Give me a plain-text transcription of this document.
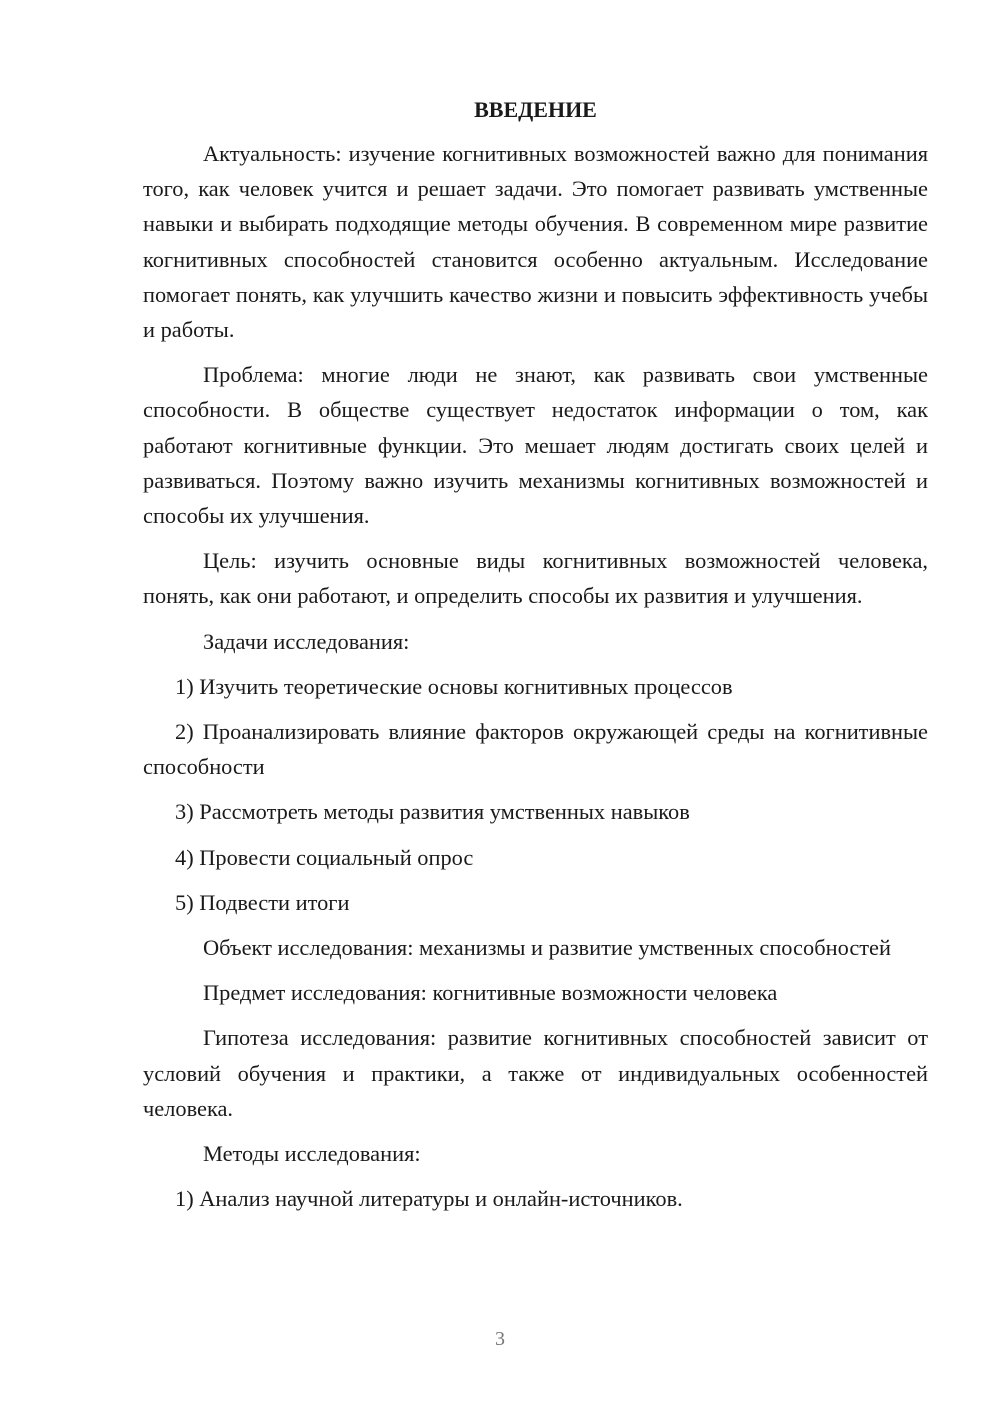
ВВЕДЕНИЕ

Актуальность: изучение когнитивных возможностей важно для понимания того, как человек учится и решает задачи. Это помогает развивать умственные навыки и выбирать подходящие методы обучения. В современном мире развитие когнитивных способностей становится особенно актуальным. Исследование помогает понять, как улучшить качество жизни и повысить эффективность учебы и работы.

Проблема: многие люди не знают, как развивать свои умственные способности. В обществе существует недостаток информации о том, как работают когнитивные функции. Это мешает людям достигать своих целей и развиваться. Поэтому важно изучить механизмы когнитивных возможностей и способы их улучшения.

Цель: изучить основные виды когнитивных возможностей человека, понять, как они работают, и определить способы их развития и улучшения.

Задачи исследования:

1) Изучить теоретические основы когнитивных процессов

2) Проанализировать влияние факторов окружающей среды на когнитивные способности

3) Рассмотреть методы развития умственных навыков

4) Провести социальный опрос

5) Подвести итоги

Объект исследования: механизмы и развитие умственных способностей

Предмет исследования: когнитивные возможности человека

Гипотеза исследования: развитие когнитивных способностей зависит от условий обучения и практики, а также от индивидуальных особенностей человека.

Методы исследования:

1) Анализ научной литературы и онлайн-источников.

3
